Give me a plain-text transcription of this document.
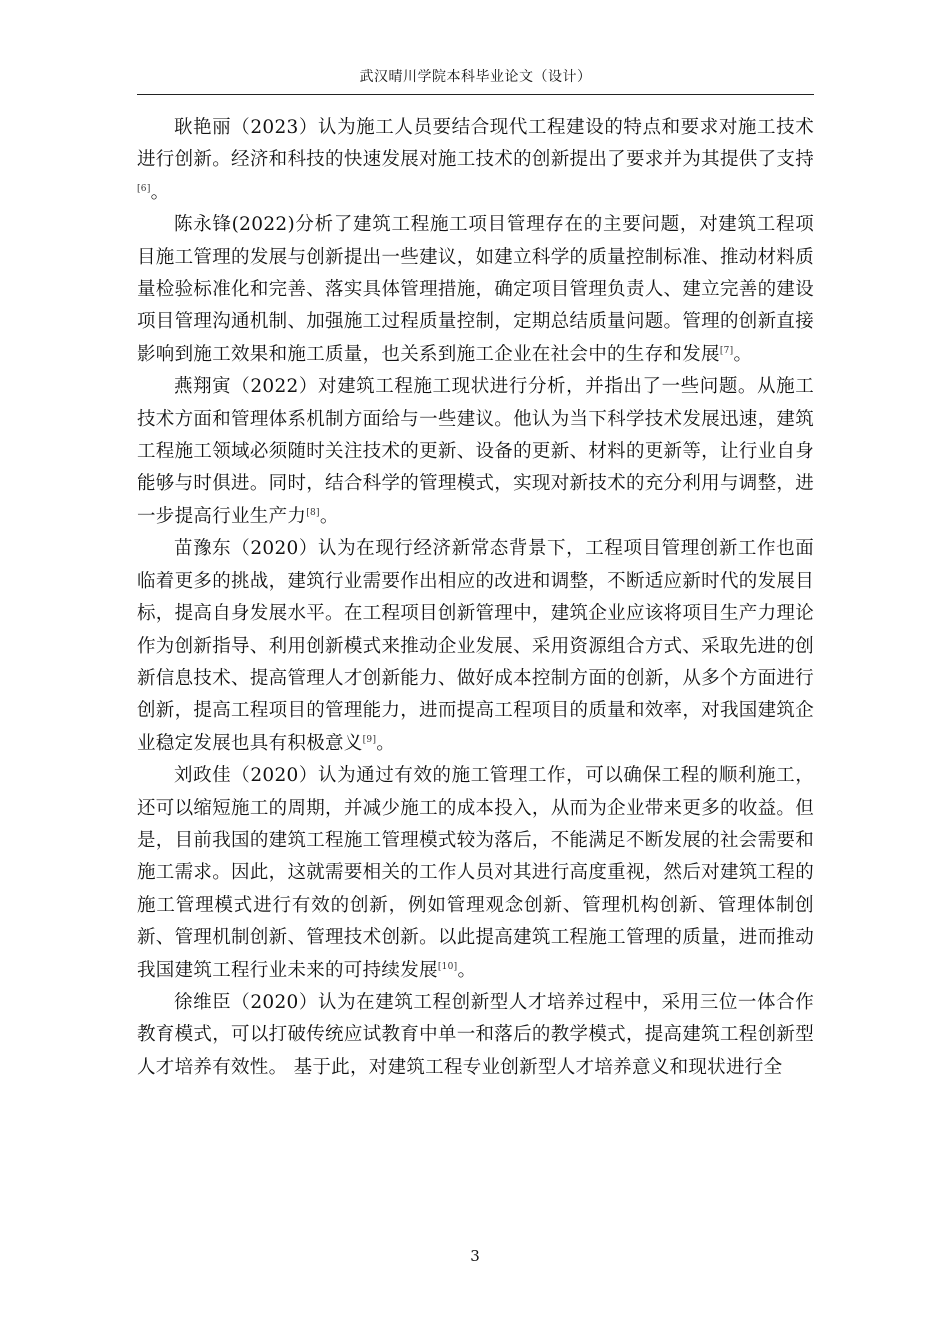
武汉晴川学院本科毕业论文（设计）

耿艳丽（2023）认为施工人员要结合现代工程建设的特点和要求对施工技术进行创新。经济和科技的快速发展对施工技术的创新提出了要求并为其提供了支持[6]。

陈永锋(2022)分析了建筑工程施工项目管理存在的主要问题，对建筑工程项目施工管理的发展与创新提出一些建议，如建立科学的质量控制标准、推动材料质量检验标准化和完善、落实具体管理措施，确定项目管理负责人、建立完善的建设项目管理沟通机制、加强施工过程质量控制，定期总结质量问题。管理的创新直接影响到施工效果和施工质量，也关系到施工企业在社会中的生存和发展[7]。

燕翔寅（2022）对建筑工程施工现状进行分析，并指出了一些问题。从施工技术方面和管理体系机制方面给与一些建议。他认为当下科学技术发展迅速，建筑工程施工领域必须随时关注技术的更新、设备的更新、材料的更新等，让行业自身能够与时俱进。同时，结合科学的管理模式，实现对新技术的充分利用与调整，进一步提高行业生产力[8]。

苗豫东（2020）认为在现行经济新常态背景下，工程项目管理创新工作也面临着更多的挑战，建筑行业需要作出相应的改进和调整，不断适应新时代的发展目标，提高自身发展水平。在工程项目创新管理中，建筑企业应该将项目生产力理论作为创新指导、利用创新模式来推动企业发展、采用资源组合方式、采取先进的创新信息技术、提高管理人才创新能力、做好成本控制方面的创新，从多个方面进行创新，提高工程项目的管理能力，进而提高工程项目的质量和效率，对我国建筑企业稳定发展也具有积极意义[9]。

刘政佳（2020）认为通过有效的施工管理工作，可以确保工程的顺利施工，还可以缩短施工的周期，并减少施工的成本投入，从而为企业带来更多的收益。但是，目前我国的建筑工程施工管理模式较为落后，不能满足不断发展的社会需要和施工需求。因此，这就需要相关的工作人员对其进行高度重视，然后对建筑工程的施工管理模式进行有效的创新，例如管理观念创新、管理机构创新、管理体制创新、管理机制创新、管理技术创新。以此提高建筑工程施工管理的质量，进而推动我国建筑工程行业未来的可持续发展[10]。

徐维臣（2020）认为在建筑工程创新型人才培养过程中，采用三位一体合作教育模式，可以打破传统应试教育中单一和落后的教学模式，提高建筑工程创新型人才培养有效性。 基于此，对建筑工程专业创新型人才培养意义和现状进行全

3
